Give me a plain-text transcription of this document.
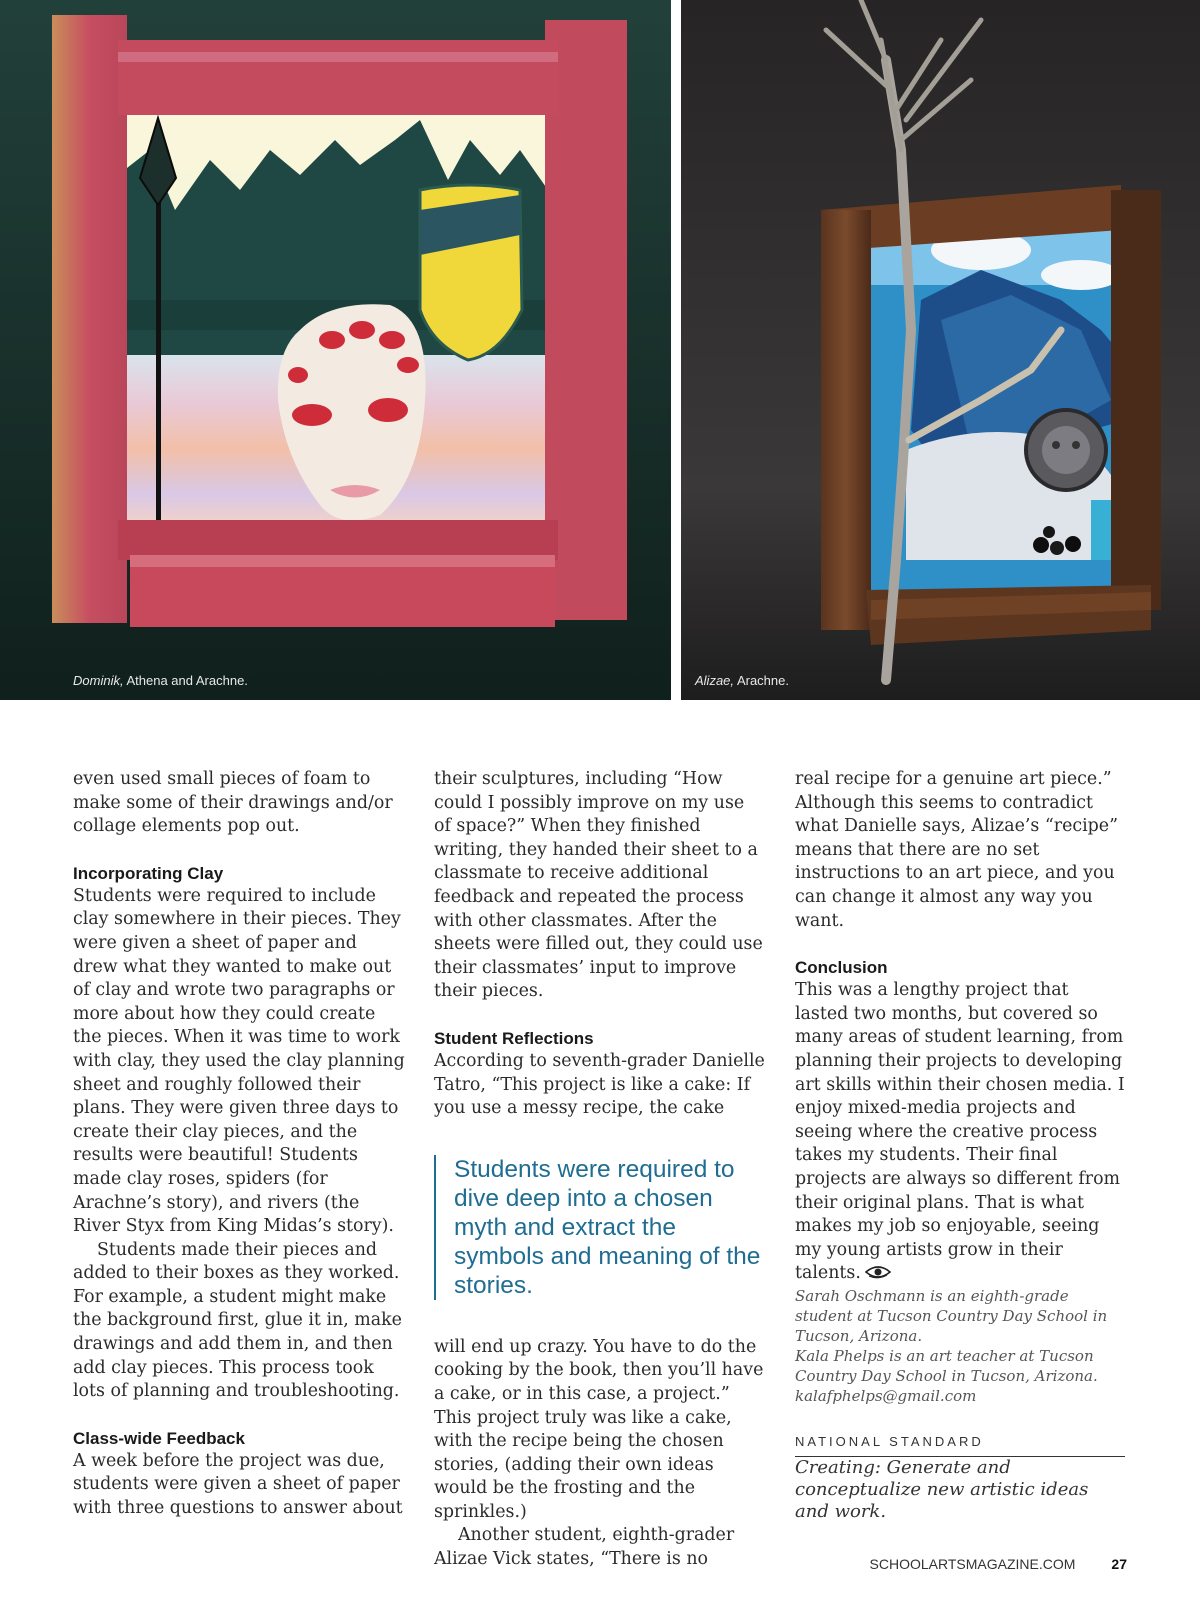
Dominik, Athena and Arachne.	Alizae, Arachne.

even used small pieces of foam to make some of their drawings and/or collage elements pop out.

Incorporating Clay

Students were required to include clay somewhere in their pieces. They were given a sheet of paper and drew what they wanted to make out of clay and wrote two paragraphs or more about how they could create the pieces. When it was time to work with clay, they used the clay planning sheet and roughly followed their plans. They were given three days to create their clay pieces, and the results were beautiful! Students made clay roses, spiders (for Arachne’s story), and rivers (the River Styx from King Midas’s story).

Students made their pieces and added to their boxes as they worked. For example, a student might make the background first, glue it in, make drawings and add them in, and then add clay pieces. This process took lots of planning and troubleshooting.

Class-wide Feedback

A week before the project was due, students were given a sheet of paper with three questions to answer about

their sculptures, including “How could I possibly improve on my use of space?” When they finished writing, they handed their sheet to a classmate to receive additional feedback and repeated the process with other classmates. After the sheets were filled out, they could use their classmates’ input to improve their pieces.

Student Reflections

According to seventh-grader Danielle Tatro, “This project is like a cake: If you use a messy recipe, the cake

Students were required to dive deep into a chosen myth and extract the symbols and meaning of the stories.

will end up crazy. You have to do the cooking by the book, then you’ll have a cake, or in this case, a project.” This project truly was like a cake, with the recipe being the chosen stories, (adding their own ideas would be the frosting and the sprinkles.)

Another student, eighth-grader Alizae Vick states, “There is no

real recipe for a genuine art piece.” Although this seems to contradict what Danielle says, Alizae’s “recipe” means that there are no set instructions to an art piece, and you can change it almost any way you want.

Conclusion

This was a lengthy project that lasted two months, but covered so many areas of student learning, from planning their projects to developing art skills within their chosen media. I enjoy mixed-media projects and seeing where the creative process takes my students. Their final projects are always so different from their original plans. That is what makes my job so enjoyable, seeing my young artists grow in their talents.

Sarah Oschmann is an eighth-grade student at Tucson Country Day School in Tucson, Arizona.

Kala Phelps is an art teacher at Tucson Country Day School in Tucson, Arizona. kalafphelps@gmail.com

NATIONAL STANDARD

Creating: Generate and conceptualize new artistic ideas and work.

SCHOOLARTSMAGAZINE.COM	27
